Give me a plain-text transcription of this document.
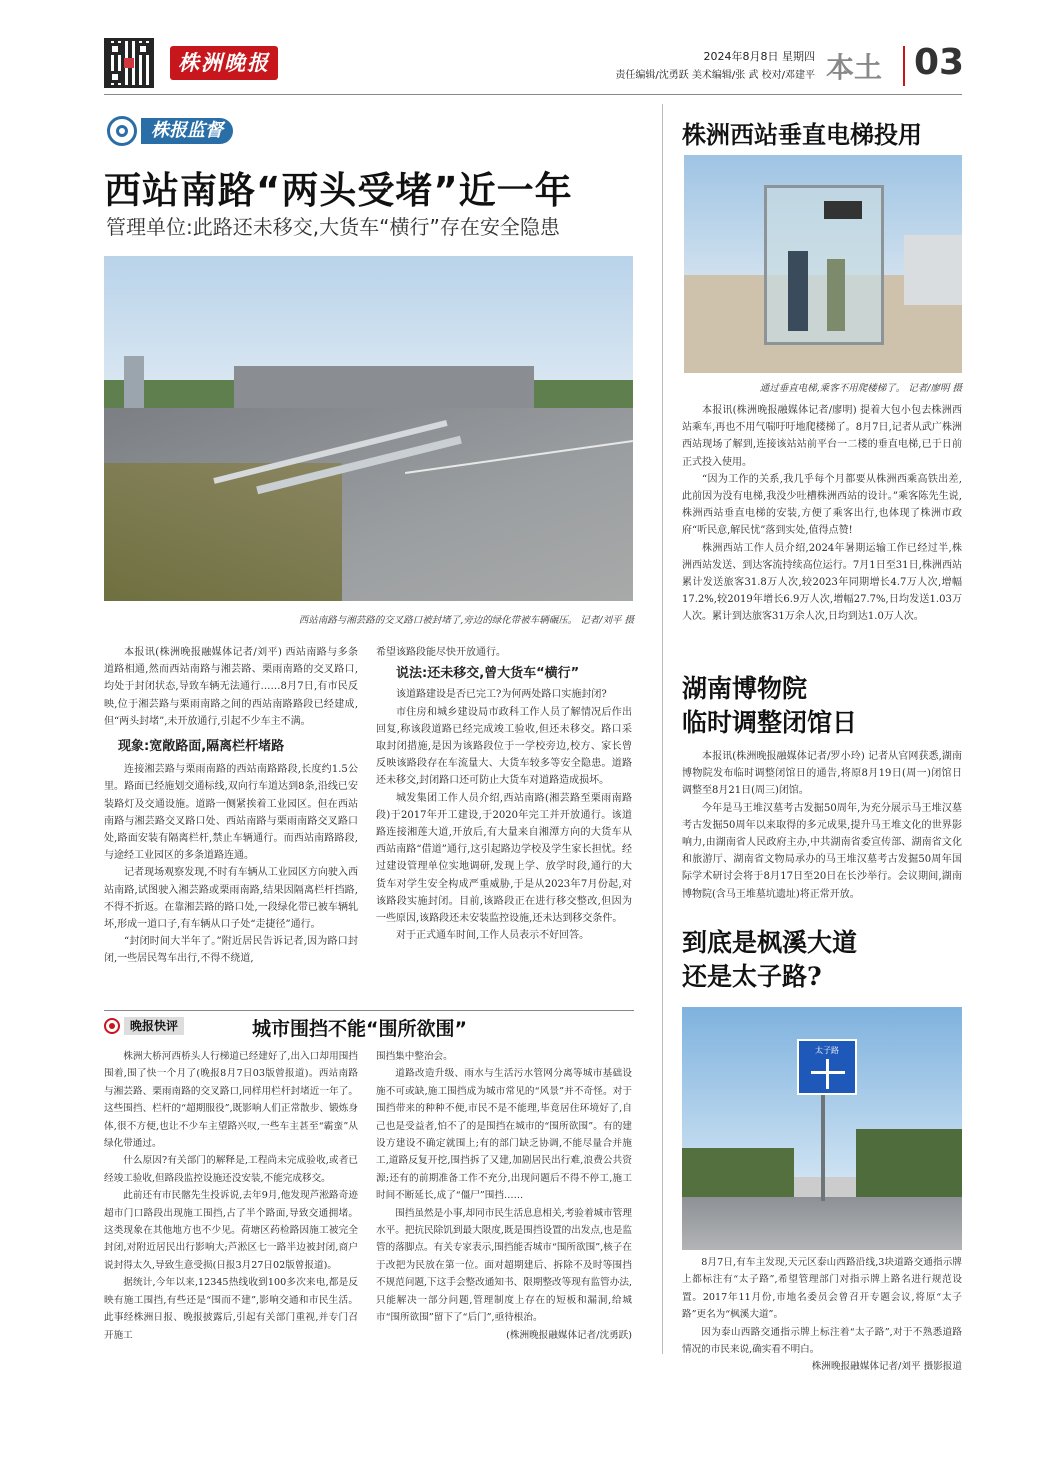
株洲晚报	2024年8月8日 星期四
责任编辑/沈勇跃 美术编辑/张 武 校对/邓建平 本土 03
株报监督
西站南路“两头受堵”近一年
管理单位:此路还未移交,大货车“横行”存在安全隐患
西站南路与湘芸路的交叉路口被封堵了,旁边的绿化带被车辆碾压。 记者/刘平 摄

本报讯(株洲晚报融媒体记者/刘平) 西站南路与多条道路相通,然而西站南路与湘芸路、栗雨南路的交叉路口,均处于封闭状态,导致车辆无法通行……8月7日,有市民反映,位于湘芸路与栗雨南路之间的西站南路路段已经建成,但“两头封堵”,未开放通行,引起不少车主不满。

现象:宽敞路面,隔离栏杆堵路

连接湘芸路与栗雨南路的西站南路路段,长度约1.5公里。路面已经施划交通标线,双向行车道达到8条,沿线已安装路灯及交通设施。道路一侧紧挨着工业园区。但在西站南路与湘芸路交叉路口处、西站南路与栗雨南路交叉路口处,路面安装有隔离栏杆,禁止车辆通行。而西站南路路段,与途经工业园区的多条道路连通。

记者现场观察发现,不时有车辆从工业园区方向驶入西站南路,试图驶入湘芸路或栗雨南路,结果因隔离栏杆挡路,不得不折返。在靠湘芸路的路口处,一段绿化带已被车辆轧坏,形成一道口子,有车辆从口子处“走捷径”通行。

“封闭时间大半年了。”附近居民告诉记者,因为路口封闭,一些居民驾车出行,不得不绕道,

希望该路段能尽快开放通行。

说法:还未移交,曾大货车“横行”

该道路建设是否已完工?为何两处路口实施封闭?

市住房和城乡建设局市政科工作人员了解情况后作出回复,称该段道路已经完成竣工验收,但还未移交。路口采取封闭措施,是因为该路段位于一学校旁边,校方、家长曾反映该路段存在车流量大、大货车较多等安全隐患。道路还未移交,封闭路口还可防止大货车对道路造成损坏。

城发集团工作人员介绍,西站南路(湘芸路至栗雨南路段)于2017年开工建设,于2020年完工并开放通行。该道路连接湘莲大道,开放后,有大量来自湘潭方向的大货车从西站南路“借道”通行,这引起路边学校及学生家长担忧。经过建设管理单位实地调研,发现上学、放学时段,通行的大货车对学生安全构成严重威胁,于是从2023年7月份起,对该路段实施封闭。目前,该路段正在进行移交整改,但因为一些原因,该路段还未安装监控设施,还未达到移交条件。

对于正式通车时间,工作人员表示不好回答。

晚报快评	城市围挡不能“围所欲围”

株洲大桥河西桥头人行梯道已经建好了,出入口却用围挡围着,围了快一个月了(晚报8月7日03版曾报道)。西站南路与湘芸路、栗雨南路的交叉路口,同样用栏杆封堵近一年了。这些围挡、栏杆的“超期服役”,既影响人们正常散步、锻炼身体,很不方便,也让不少车主望路兴叹,一些车主甚至“霸蛮”从绿化带通过。

什么原因?有关部门的解释是,工程尚未完成验收,或者已经竣工验收,但路段监控设施还没安装,不能完成移交。

此前还有市民髂先生投诉说,去年9月,他发现芦淞路奇迹超市门口路段出现施工围挡,占了半个路面,导致交通拥堵。这类现象在其他地方也不少见。荷塘区药检路因施工被完全封闭,对附近居民出行影响大;芦淞区七一路半边被封闭,商户说封得太久,导致生意受损(日报3月27日02版曾报道)。

据统计,今年以来,12345热线收到100多次来电,都是反映有施工围挡,有些还是“围而不建”,影响交通和市民生活。此事经株洲日报、晚报披露后,引起有关部门重视,并专门召开施工

围挡集中整治会。

道路改造升级、雨水与生活污水管网分离等城市基础设施不可或缺,施工围挡成为城市常见的“风景”并不奇怪。对于围挡带来的种种不便,市民不是不能理,毕竟居住环境好了,自己也是受益者,怕不了的是围挡在城市的“围所欲围”。有的建设方建设不确定就围上;有的部门缺乏协调,不能尽量合并施工,道路反复开挖,围挡拆了又建,加剧居民出行难,浪费公共资源;还有的前期准备工作不充分,出现问题后不得不停工,施工时间不断延长,成了“僵尸”围挡……

围挡虽然是小事,却同市民生活息息相关,考验着城市管理水平。把抗民除饥到最大限度,既是围挡设置的出发点,也是监管的落脚点。有关专家表示,围挡能否城市“围所欲围”,核子在于改把为民放在第一位。面对超期建后、拆除不及时等围挡不规范问题,下这手会整改通知书、限期整改等现有监管办法,只能解决一部分问题,管理制度上存在的短板和漏洞,给城市“围所欲围”留下了“后门”,亟待根治。

(株洲晚报融媒体记者/沈勇跃)
株洲西站垂直电梯投用
通过垂直电梯,乘客不用爬楼梯了。 记者/廖明 摄

本报讯(株洲晚报融媒体记者/廖明) 提着大包小包去株洲西站乘车,再也不用气喘吁吁地爬楼梯了。8月7日,记者从武广株洲西站现场了解到,连接该站站前平台一二楼的垂直电梯,已于日前正式投入使用。

“因为工作的关系,我几乎每个月都要从株洲西乘高铁出差,此前因为没有电梯,我没少吐槽株洲西站的设计。”乘客陈先生说,株洲西站垂直电梯的安装,方便了乘客出行,也体现了株洲市政府“听民意,解民忧”落到实处,值得点赞!

株洲西站工作人员介绍,2024年暑期运输工作已经过半,株洲西站发送、到达客流持续高位运行。7月1日至31日,株洲西站累计发送旅客31.8万人次,较2023年同期增长4.7万人次,增幅17.2%,较2019年增长6.9万人次,增幅27.7%,日均发送1.03万人次。累计到达旅客31万余人次,日均到达1.0万人次。

湖南博物院
临时调整闭馆日

本报讯(株洲晚报融媒体记者/罗小玲) 记者从官网获悉,湖南博物院发布临时调整闭馆日的通告,将原8月19日(周一)闭馆日调整至8月21日(周三)闭馆。

今年是马王堆汉墓考古发掘50周年,为充分展示马王堆汉墓考古发掘50周年以来取得的多元成果,提升马王堆文化的世界影响力,由湖南省人民政府主办,中共湖南省委宣传部、湖南省文化和旅游厅、湖南省文物局承办的马王堆汉墓考古发掘50周年国际学术研讨会将于8月17日至20日在长沙举行。会议期间,湖南博物院(含马王堆墓坑遗址)将正常开放。

到底是枫溪大道
还是太子路?
太子路

8月7日,有车主发现,天元区泰山西路沿线,3块道路交通指示牌上都标注有“太子路”,希望管理部门对指示牌上路名进行规范设置。2017年11月份,市地名委员会曾召开专题会议,将原“太子路”更名为“枫溪大道”。

因为泰山西路交通指示牌上标注着“太子路”,对于不熟悉道路情况的市民来说,确实看不明白。

株洲晚报融媒体记者/刘平 摄影报道
